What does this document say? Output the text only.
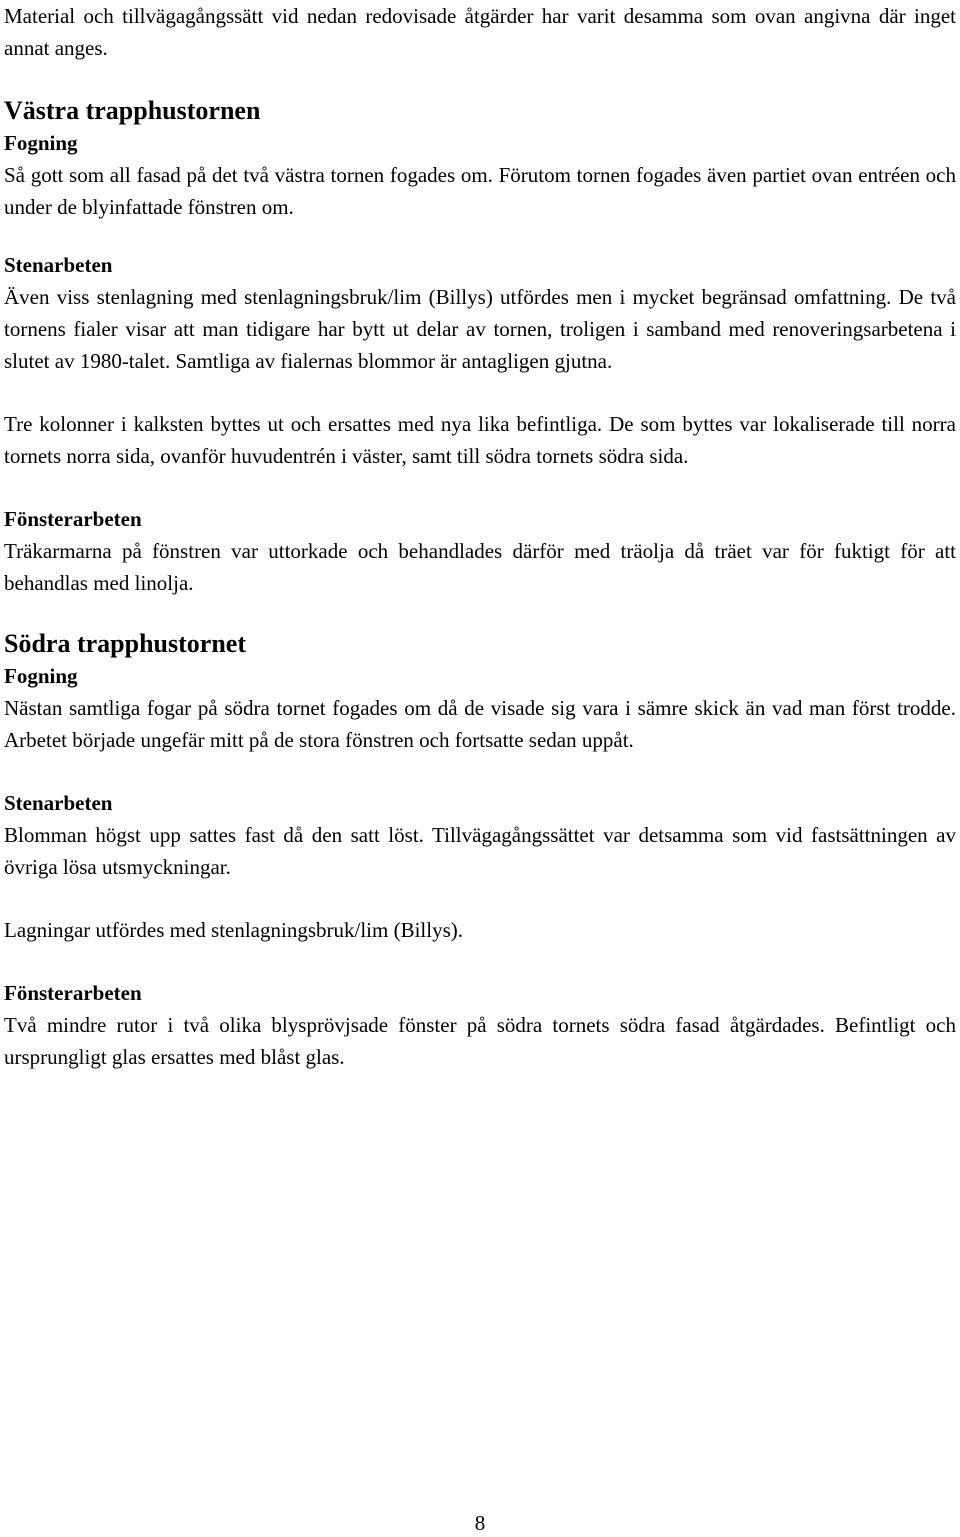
Material och tillvägagångssätt vid nedan redovisade åtgärder har varit desamma som ovan angivna där inget annat anges.

Västra trapphustornen
Fogning

Så gott som all fasad på det två västra tornen fogades om. Förutom tornen fogades även partiet ovan entréen och under de blyinfattade fönstren om.

Stenarbeten

Även viss stenlagning med stenlagningsbruk/lim (Billys) utfördes men i mycket begränsad omfattning. De två tornens fialer visar att man tidigare har bytt ut delar av tornen, troligen i samband med renoveringsarbetena i slutet av 1980-talet. Samtliga av fialernas blommor är antagligen gjutna.

Tre kolonner i kalksten byttes ut och ersattes med nya lika befintliga. De som byttes var lokaliserade till norra tornets norra sida, ovanför huvudentrén i väster, samt till södra tornets södra sida.

Fönsterarbeten

Träkarmarna på fönstren var uttorkade och behandlades därför med träolja då träet var för fuktigt för att behandlas med linolja.

Södra trapphustornet
Fogning

Nästan samtliga fogar på södra tornet fogades om då de visade sig vara i sämre skick än vad man först trodde. Arbetet började ungefär mitt på de stora fönstren och fortsatte sedan uppåt.

Stenarbeten

Blomman högst upp sattes fast då den satt löst. Tillvägagångssättet var detsamma som vid fastsättningen av övriga lösa utsmyckningar.

Lagningar utfördes med stenlagningsbruk/lim (Billys).

Fönsterarbeten

Två mindre rutor i två olika blysprövjsade fönster på södra tornets södra fasad åtgärdades. Befintligt och ursprungligt glas ersattes med blåst glas.

8
